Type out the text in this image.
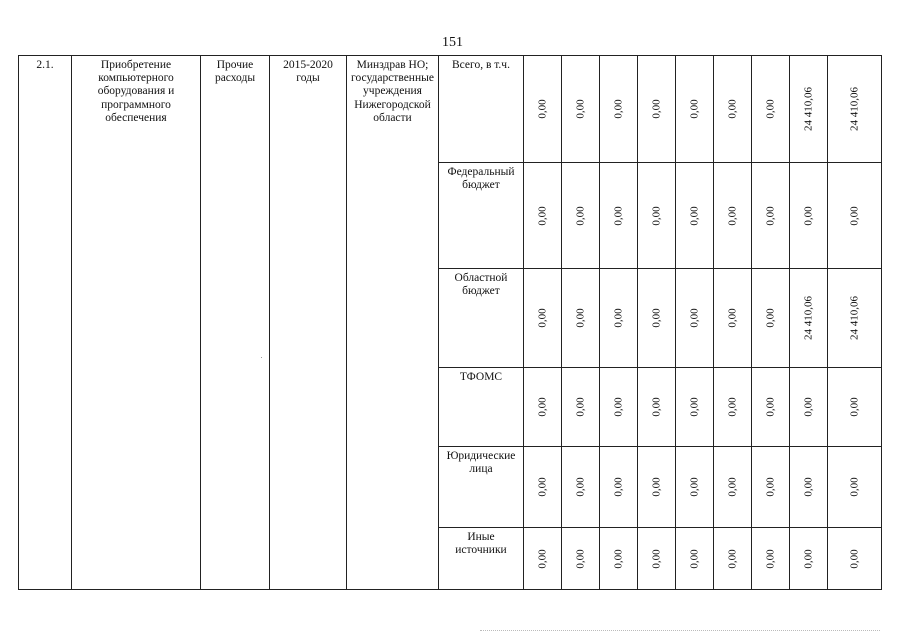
151
2.1.	Приобретение компьютерного оборудования и программного обеспечения	Прочие расходы	2015-2020 годы	Минздрав НО; государственные учреждения Нижегородской области	Всего, в т.ч.	0,00	0,00	0,00	0,00	0,00	0,00	0,00	24 410,06	24 410,06

					Федеральный бюджет	0,00	0,00	0,00	0,00	0,00	0,00	0,00	0,00	0,00

					Областной бюджет	0,00	0,00	0,00	0,00	0,00	0,00	0,00	24 410,06	24 410,06

					ТФОМС	0,00	0,00	0,00	0,00	0,00	0,00	0,00	0,00	0,00

					Юридические лица	0,00	0,00	0,00	0,00	0,00	0,00	0,00	0,00	0,00

					Иные источники	0,00	0,00	0,00	0,00	0,00	0,00	0,00	0,00	0,00
